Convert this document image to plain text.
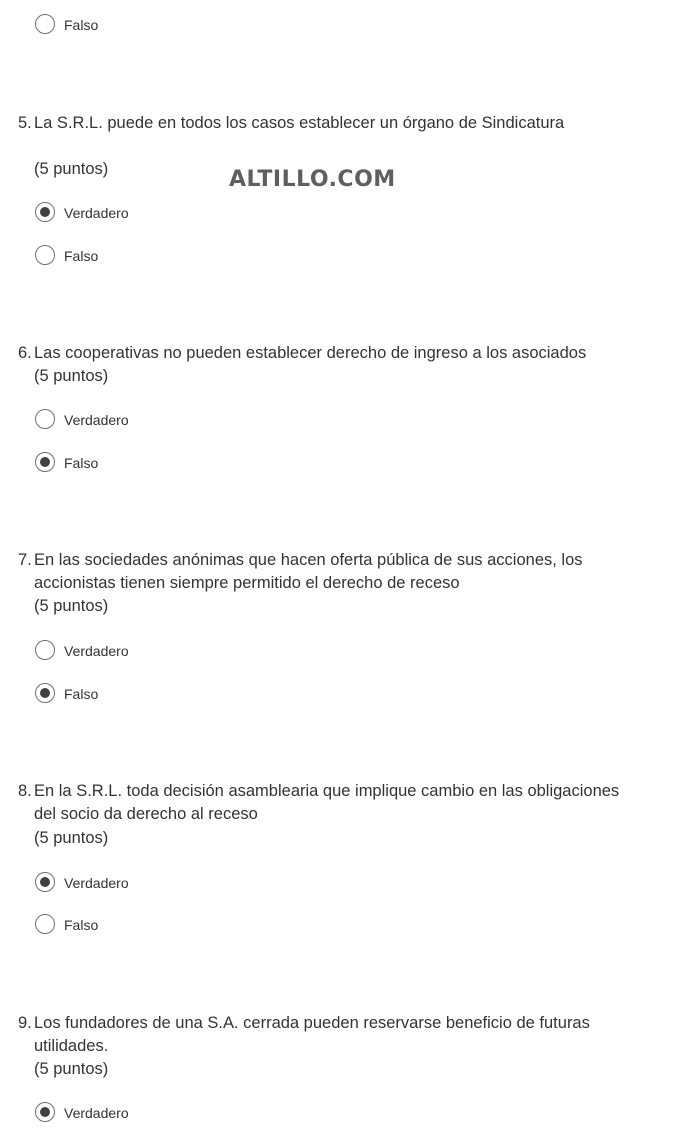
Falso
5. La S.R.L. puede en todos los casos establecer un órgano de Sindicatura
(5 puntos)	ALTILLO.COM
Verdadero
Falso
6. Las cooperativas no pueden establecer derecho de ingreso a los asociados
(5 puntos)
Verdadero
Falso
7. En las sociedades anónimas que hacen oferta pública de sus acciones, los
accionistas tienen siempre permitido el derecho de receso
(5 puntos)
Verdadero
Falso
8. En la S.R.L. toda decisión asamblearia que implique cambio en las obligaciones
del socio da derecho al receso
(5 puntos)
Verdadero
Falso
9. Los fundadores de una S.A. cerrada pueden reservarse beneficio de futuras
utilidades.
(5 puntos)
Verdadero
